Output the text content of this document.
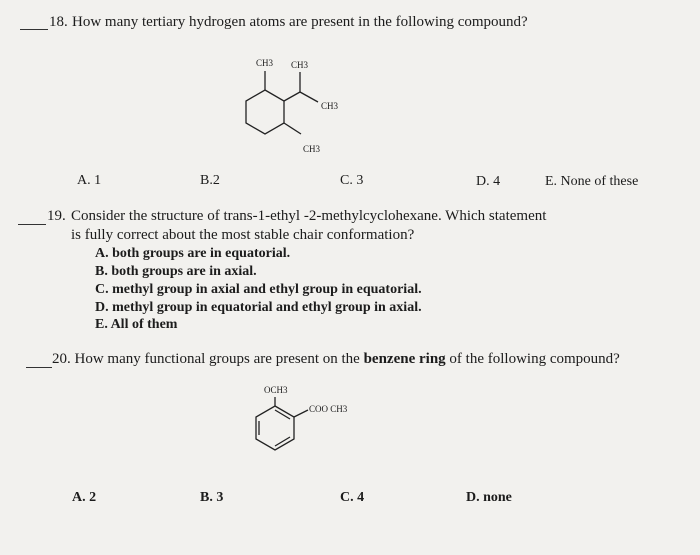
18. How many tertiary hydrogen atoms are present in the following compound?
CH3 CH3
CH3
CH3
A. 1	B.2	C. 3	D. 4	E. None of these
19. Consider the structure of trans-1-ethyl -2-methylcyclohexane. Which statement
is fully correct about the most stable chair conformation?
A. both groups are in equatorial.
B. both groups are in axial.
C. methyl group in axial and ethyl group in equatorial.
D. methyl group in equatorial and ethyl group in axial.
E. All of them
20. How many functional groups are present on the benzene ring of the following compound?
OCH3
COO CH3
A. 2	B. 3	C. 4	D. none
